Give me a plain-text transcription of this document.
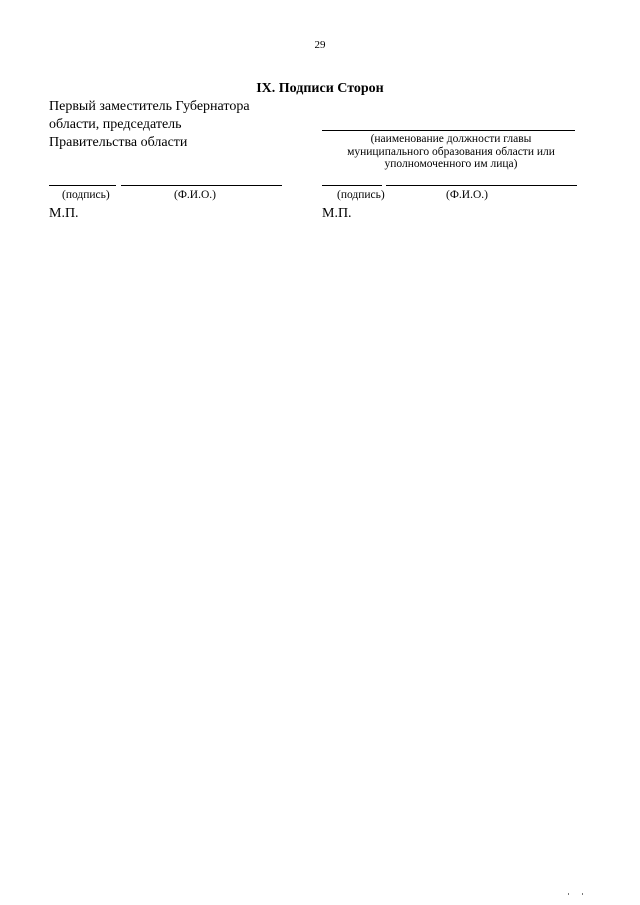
29
IX. Подписи Сторон
Первый заместитель Губернатора
области, председатель
Правительства области	(наименование должности главы
муниципального образования области или
уполномоченного им лица)
(подпись)	(Ф.И.О.)
М.П.
(подпись)	(Ф.И.О.)
М.П.
